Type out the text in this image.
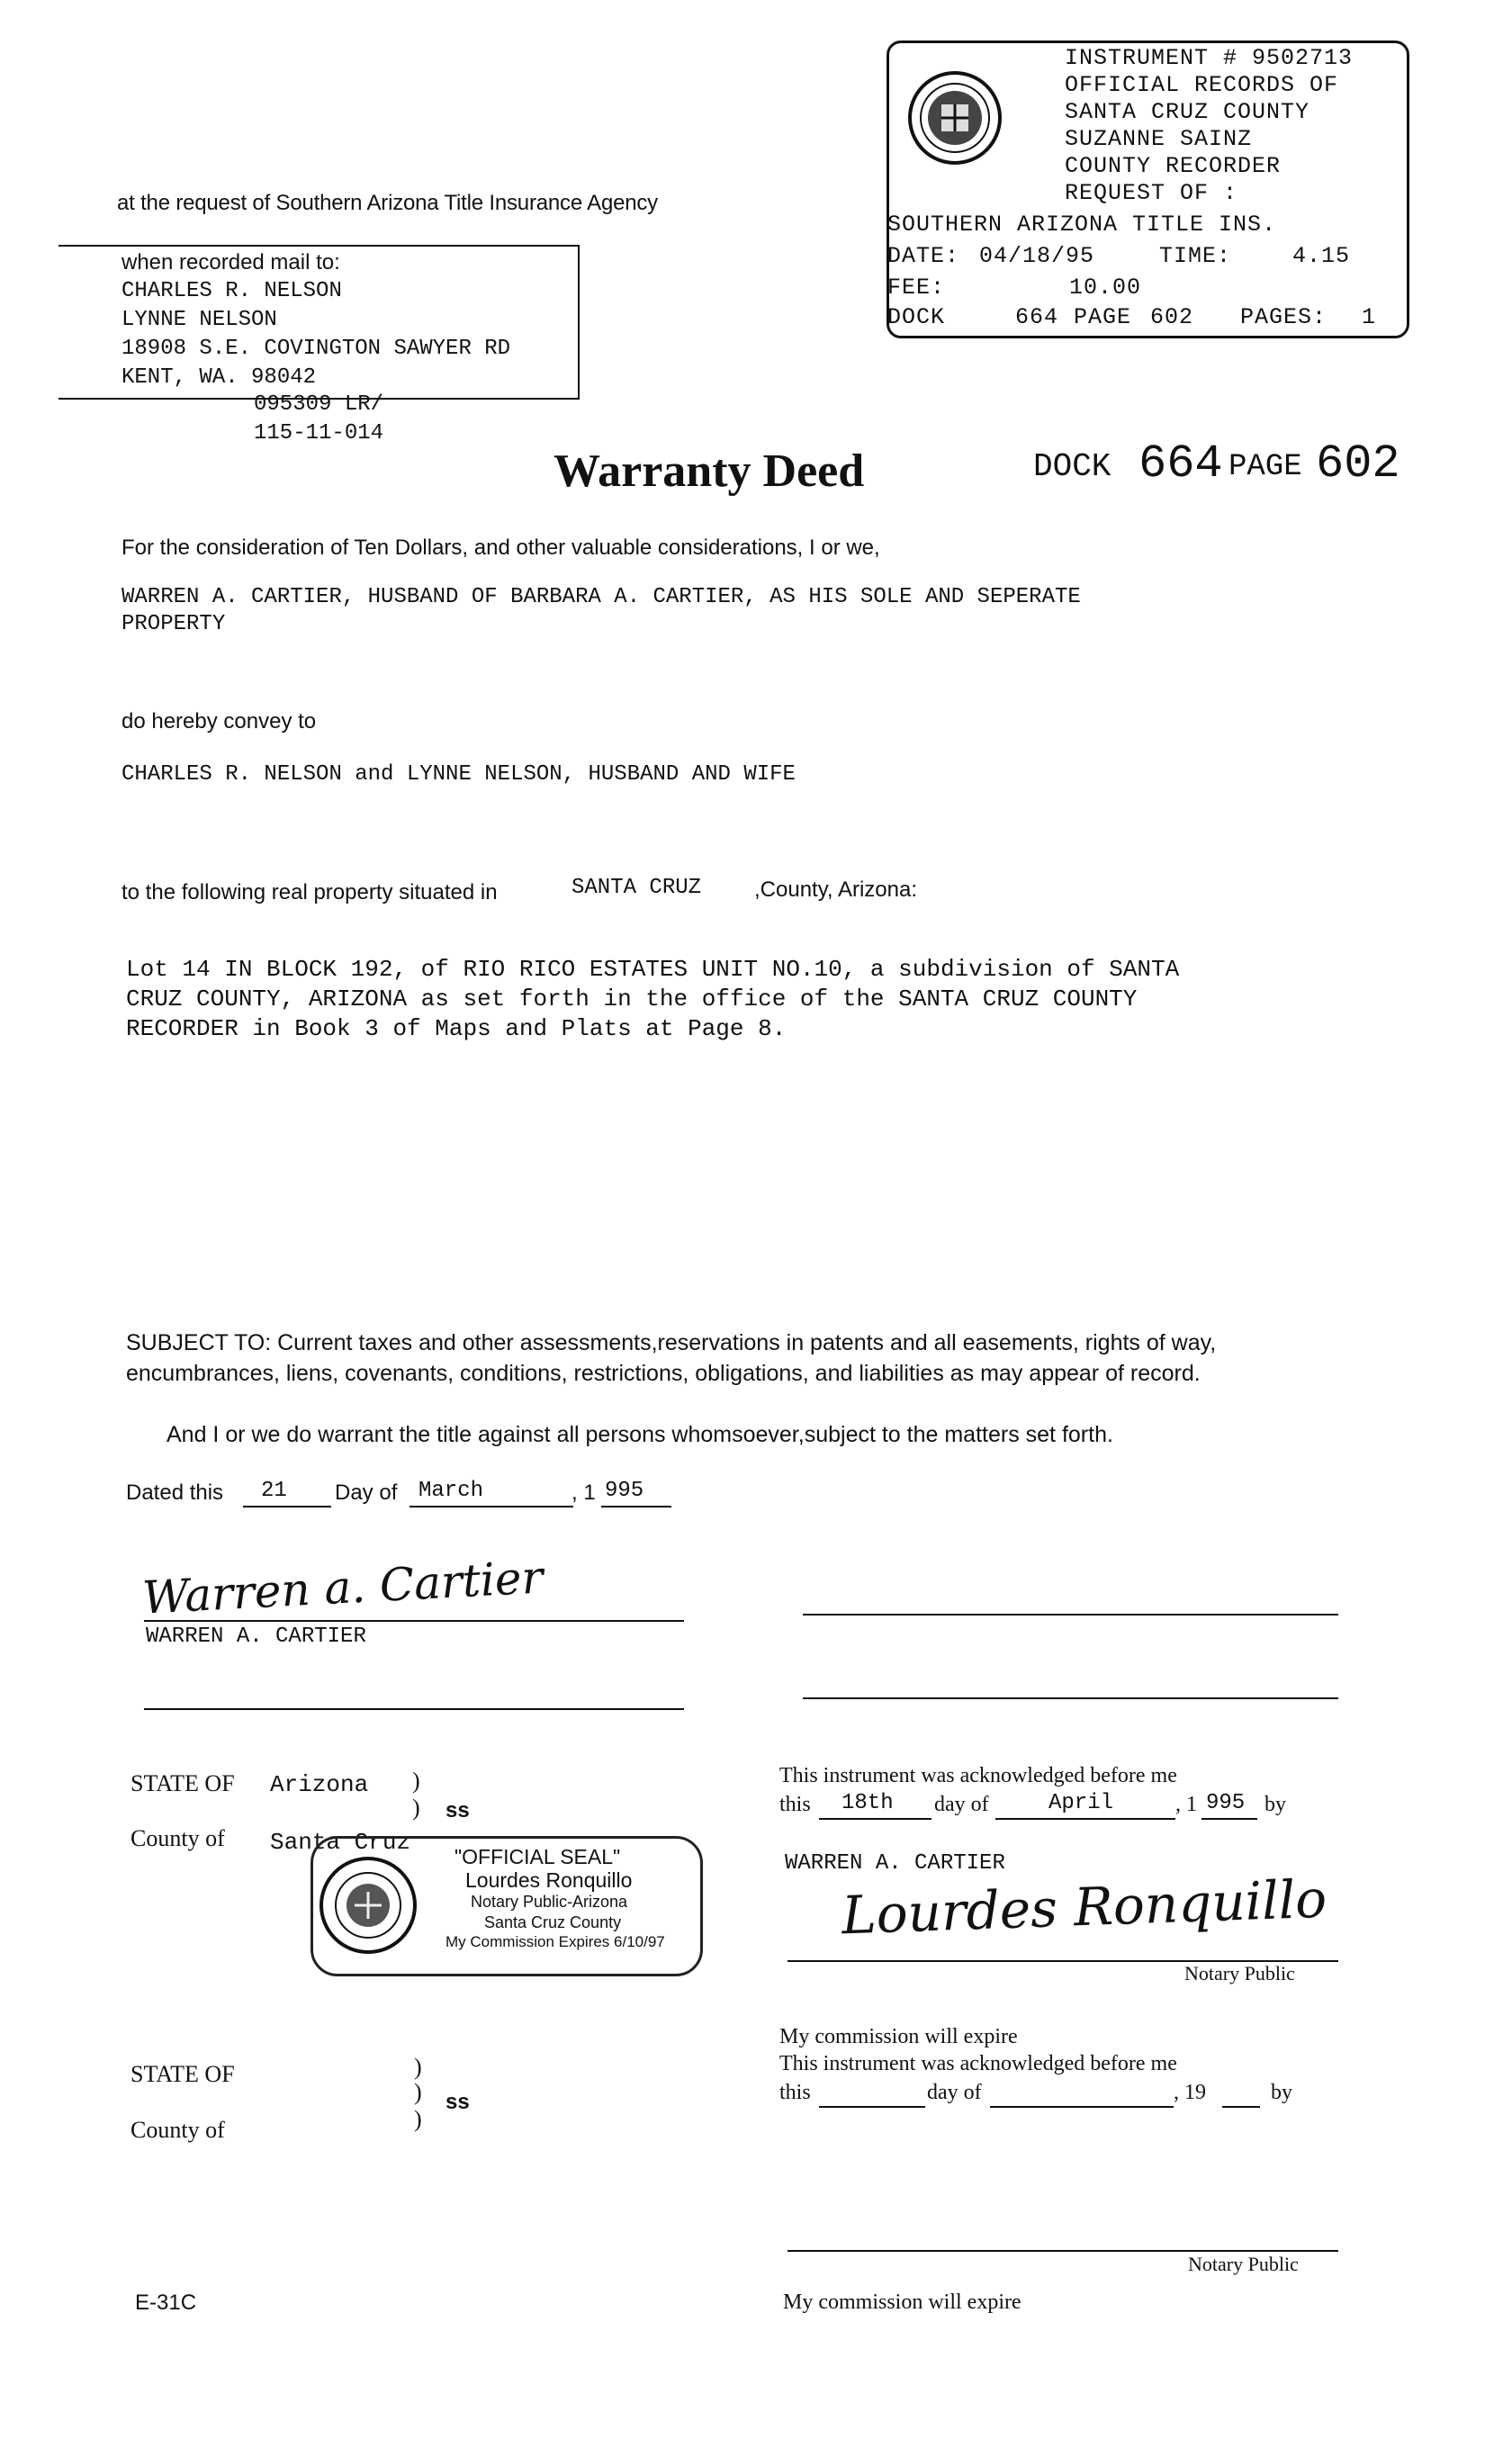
INSTRUMENT # 9502713
OFFICIAL RECORDS OF
SANTA CRUZ COUNTY
SUZANNE SAINZ
COUNTY RECORDER
REQUEST OF :
SOUTHERN ARIZONA TITLE INS.
DATE: 04/18/95	TIME:	4.15
FEE:	10.00
DOCK	664 PAGE 602 PAGES: 1
at the request of Southern Arizona Title Insurance Agency
when recorded mail to:
CHARLES R. NELSON
LYNNE NELSON
18908 S.E. COVINGTON SAWYER RD
KENT, WA. 98042
095309 LR/
115-11-014
Warranty Deed	DOCK 664 PAGE 602
For the consideration of Ten Dollars, and other valuable considerations, I or we,
WARREN A. CARTIER, HUSBAND OF BARBARA A. CARTIER, AS HIS SOLE AND SEPERATE
PROPERTY
do hereby convey to
CHARLES R. NELSON and LYNNE NELSON, HUSBAND AND WIFE
to the following real property situated in	SANTA CRUZ ,County, Arizona:
Lot 14 IN BLOCK 192, of RIO RICO ESTATES UNIT NO.10, a subdivision of SANTA
CRUZ COUNTY, ARIZONA as set forth in the office of the SANTA CRUZ COUNTY
RECORDER in Book 3 of Maps and Plats at Page 8.
SUBJECT TO: Current taxes and other assessments,reservations in patents and all easements, rights of way,
encumbrances, liens, covenants, conditions, restrictions, obligations, and liabilities as may appear of record.
And I or we do warrant the title against all persons whomsoever,subject to the matters set forth.
Dated this 21 Day of March	, 1 995
Warren a. Cartier
WARREN A. CARTIER
STATE OF Arizona )
) ss
County of Santa Cruz
"OFFICIAL SEAL"
Lourdes Ronquillo
Notary Public-Arizona
Santa Cruz County
My Commission Expires 6/10/97
This instrument was acknowledged before me
this 18th day of	April	, 1 995 by
WARREN A. CARTIER
Lourdes Ronquillo
Notary Public
My commission will expire
STATE OF	)
)
)
ss
County of
This instrument was acknowledged before me
this	day of	, 19	by
Notary Public
My commission will expire
E-31C
